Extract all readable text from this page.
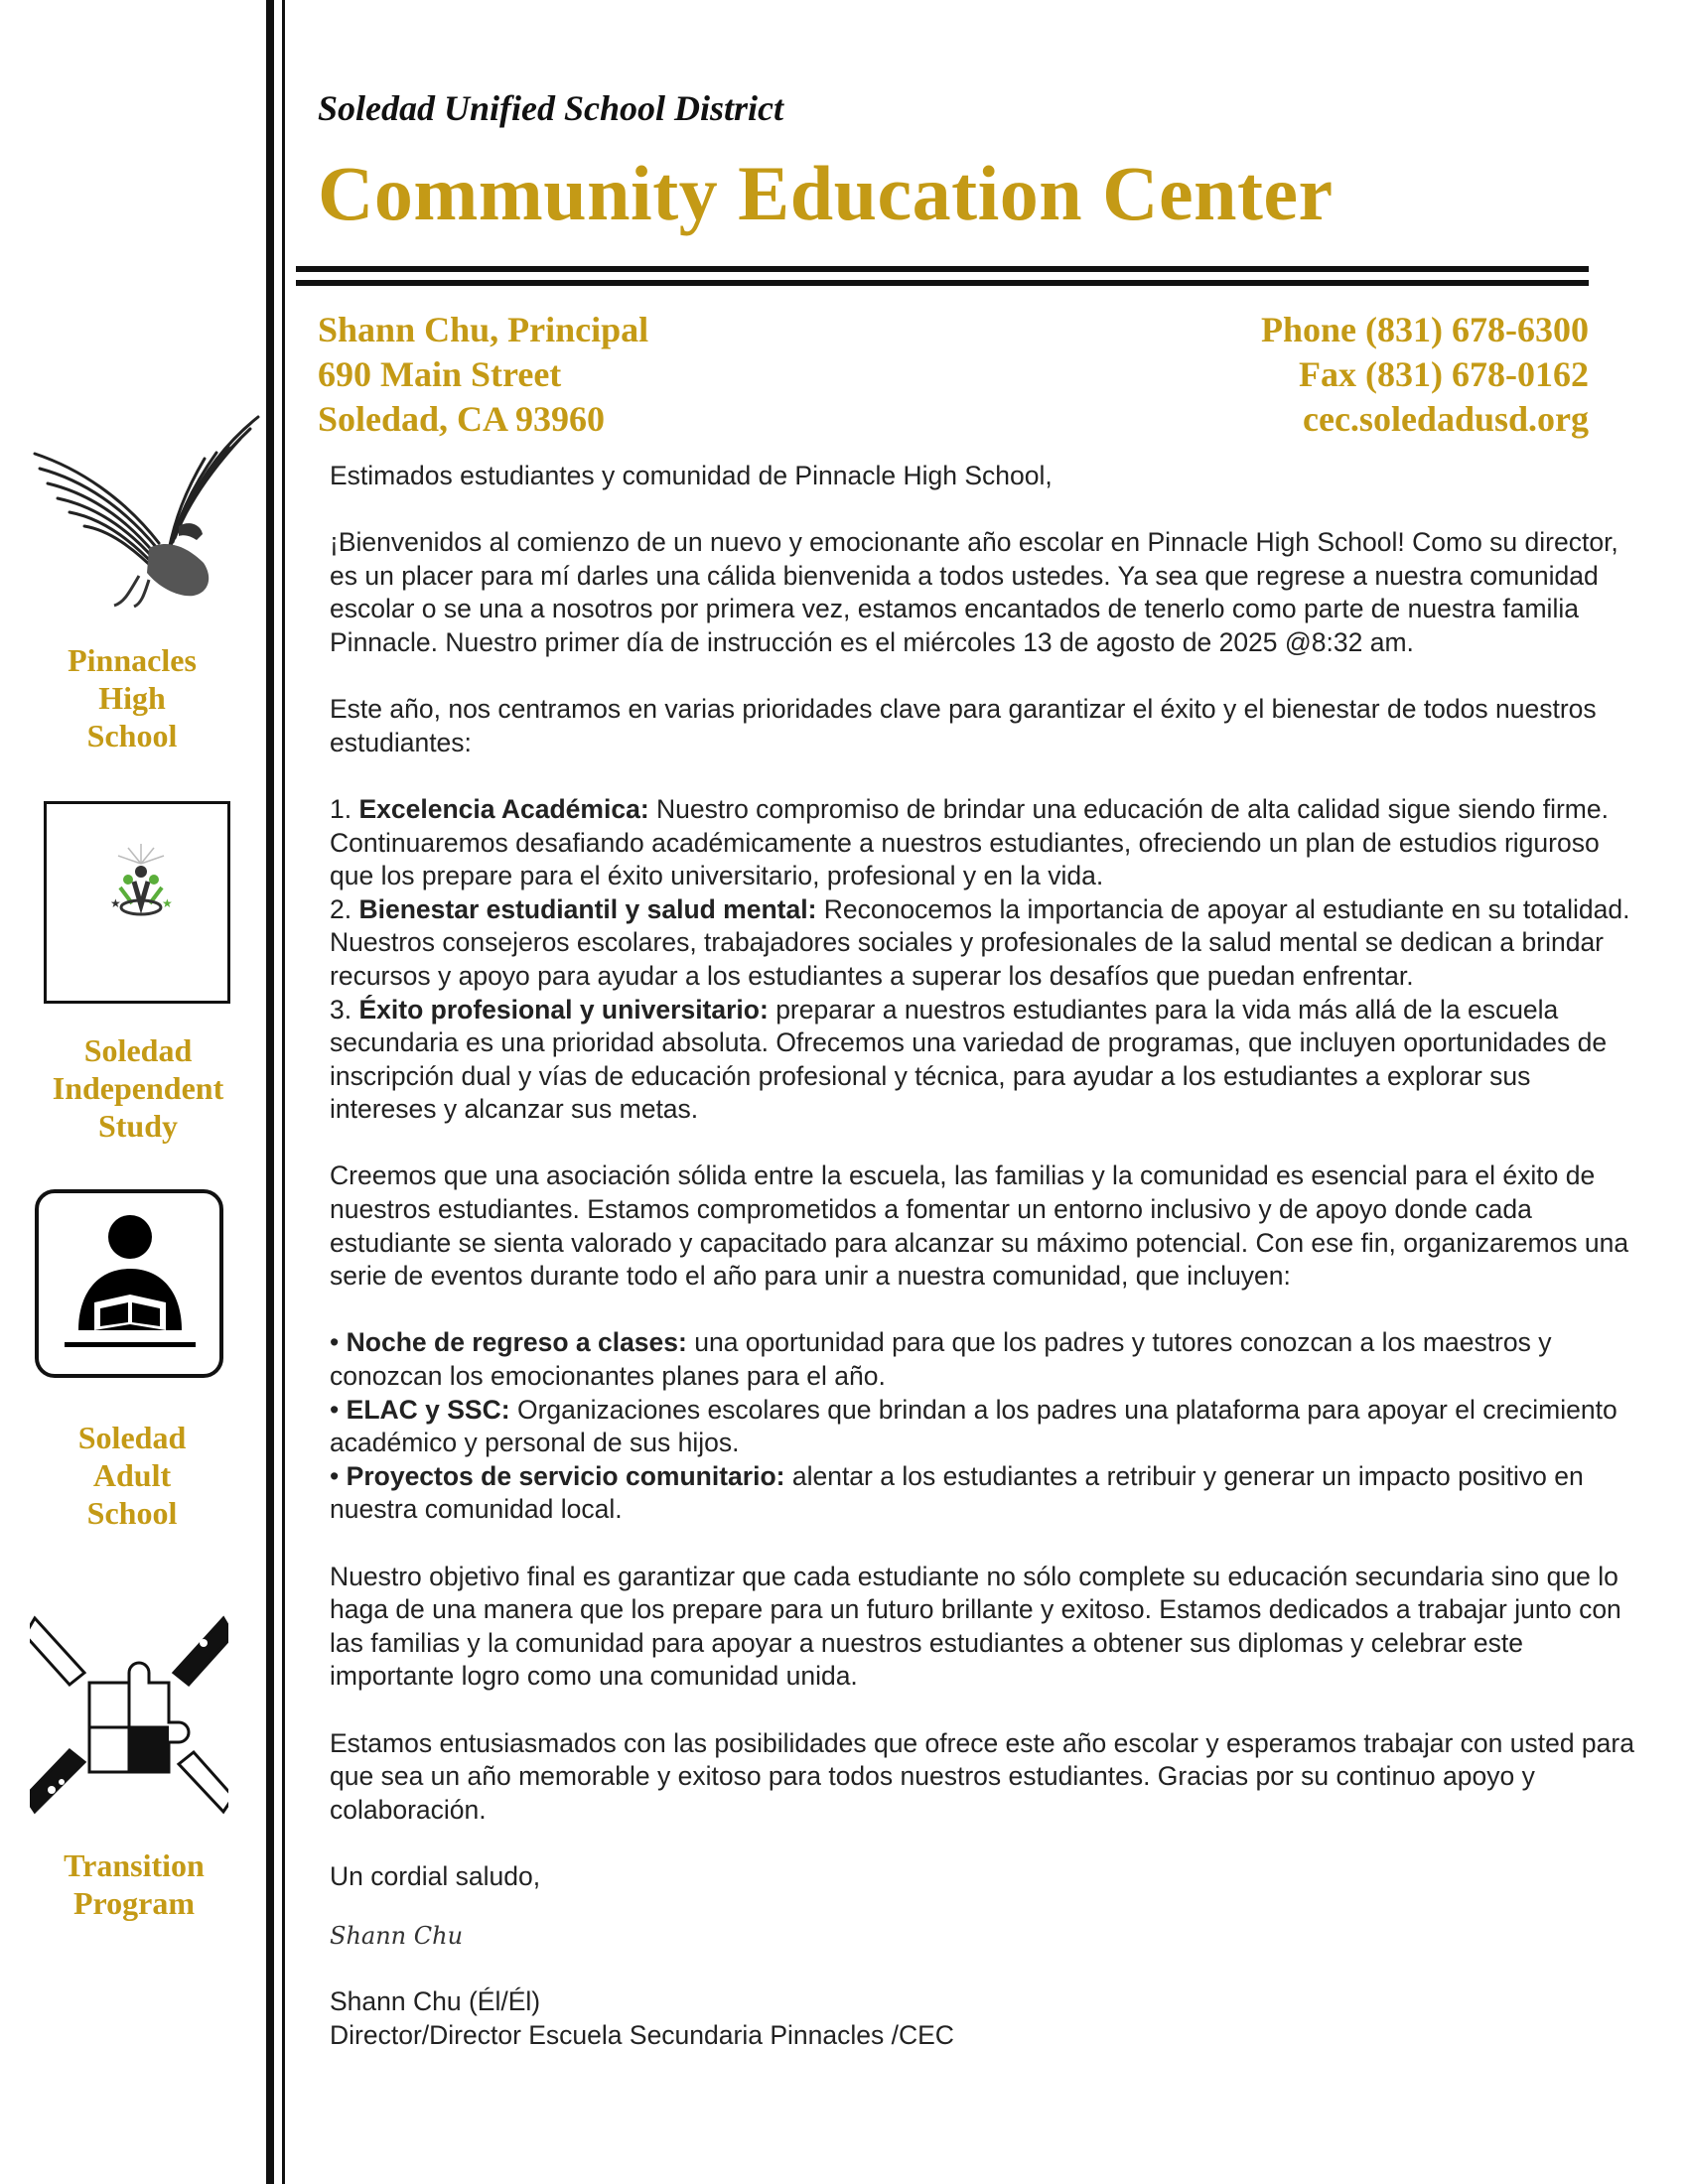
Pinnacles
High
School
★	★
Soledad
Independent
Study
Soledad
Adult
School
Transition
Program
Soledad Unified School District
Community Education Center
Shann Chu, Principal
690 Main Street
Soledad, CA 93960
Phone (831) 678-6300
Fax (831) 678-0162
cec.soledadusd.org

Estimados estudiantes y comunidad de Pinnacle High School,

¡Bienvenidos al comienzo de un nuevo y emocionante año escolar en Pinnacle High School! Como su director, es un placer para mí darles una cálida bienvenida a todos ustedes. Ya sea que regrese a nuestra comunidad escolar o se una a nosotros por primera vez, estamos encantados de tenerlo como parte de nuestra familia Pinnacle. Nuestro primer día de instrucción es el miércoles 13 de agosto de 2025 @8:32 am.

Este año, nos centramos en varias prioridades clave para garantizar el éxito y el bienestar de todos nuestros estudiantes:

1. Excelencia Académica: Nuestro compromiso de brindar una educación de alta calidad sigue siendo firme. Continuaremos desafiando académicamente a nuestros estudiantes, ofreciendo un plan de estudios riguroso que los prepare para el éxito universitario, profesional y en la vida.

2. Bienestar estudiantil y salud mental: Reconocemos la importancia de apoyar al estudiante en su totalidad. Nuestros consejeros escolares, trabajadores sociales y profesionales de la salud mental se dedican a brindar recursos y apoyo para ayudar a los estudiantes a superar los desafíos que puedan enfrentar.

3. Éxito profesional y universitario: preparar a nuestros estudiantes para la vida más allá de la escuela secundaria es una prioridad absoluta. Ofrecemos una variedad de programas, que incluyen oportunidades de inscripción dual y vías de educación profesional y técnica, para ayudar a los estudiantes a explorar sus intereses y alcanzar sus metas.

Creemos que una asociación sólida entre la escuela, las familias y la comunidad es esencial para el éxito de nuestros estudiantes. Estamos comprometidos a fomentar un entorno inclusivo y de apoyo donde cada estudiante se sienta valorado y capacitado para alcanzar su máximo potencial. Con ese fin, organizaremos una serie de eventos durante todo el año para unir a nuestra comunidad, que incluyen:

• Noche de regreso a clases: una oportunidad para que los padres y tutores conozcan a los maestros y conozcan los emocionantes planes para el año.

• ELAC y SSC: Organizaciones escolares que brindan a los padres una plataforma para apoyar el crecimiento académico y personal de sus hijos.

• Proyectos de servicio comunitario: alentar a los estudiantes a retribuir y generar un impacto positivo en nuestra comunidad local.

Nuestro objetivo final es garantizar que cada estudiante no sólo complete su educación secundaria sino que lo haga de una manera que los prepare para un futuro brillante y exitoso. Estamos dedicados a trabajar junto con las familias y la comunidad para apoyar a nuestros estudiantes a obtener sus diplomas y celebrar este importante logro como una comunidad unida.

Estamos entusiasmados con las posibilidades que ofrece este año escolar y esperamos trabajar con usted para que sea un año memorable y exitoso para todos nuestros estudiantes. Gracias por su continuo apoyo y colaboración.

Un cordial saludo,

Shann Chu

Shann Chu (Él/Él)

Director/Director Escuela Secundaria Pinnacles /CEC
